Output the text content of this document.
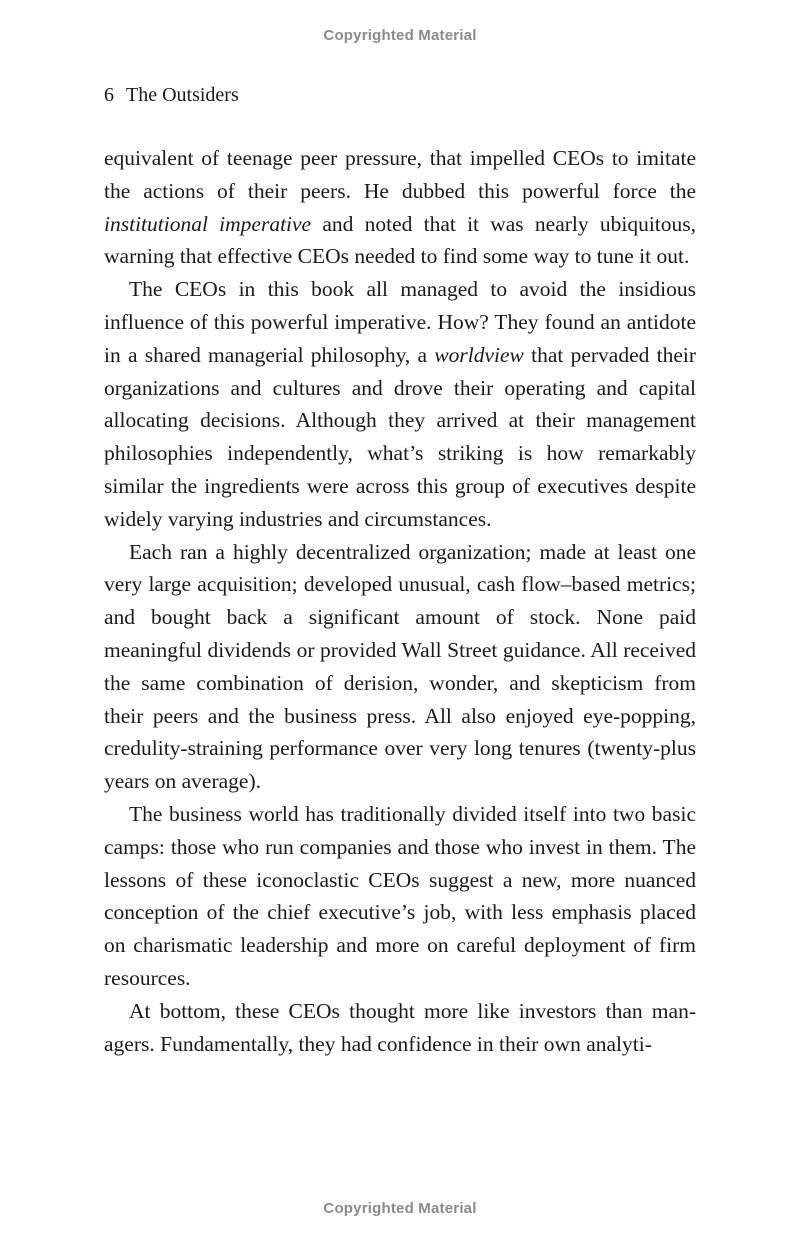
Copyrighted Material
6 The Outsiders

equivalent of teenage peer pressure, that impelled CEOs to imitate the actions of their peers. He dubbed this powerful force the institutional imperative and noted that it was nearly ubiquitous, warning that effective CEOs needed to find some way to tune it out.

The CEOs in this book all managed to avoid the insidious influence of this powerful imperative. How? They found an antidote in a shared managerial philosophy, a worldview that pervaded their organizations and cultures and drove their operating and capital allocating decisions. Although they arrived at their management philosophies independently, what’s striking is how remarkably similar the ingredients were across this group of executives despite widely varying industries and circumstances.

Each ran a highly decentralized organization; made at least one very large acquisition; developed unusual, cash flow–based metrics; and bought back a significant amount of stock. None paid meaningful dividends or provided Wall Street guidance. All received the same combination of derision, wonder, and skepticism from their peers and the business press. All also enjoyed eye-popping, credulity-straining performance over very long tenures (twenty-plus years on average).

The business world has traditionally divided itself into two basic camps: those who run companies and those who invest in them. The lessons of these iconoclastic CEOs suggest a new, more nuanced conception of the chief executive’s job, with less emphasis placed on charismatic leadership and more on careful deployment of firm resources.

At bottom, these CEOs thought more like investors than managers. Fundamentally, they had confidence in their own analyti-

Copyrighted Material
